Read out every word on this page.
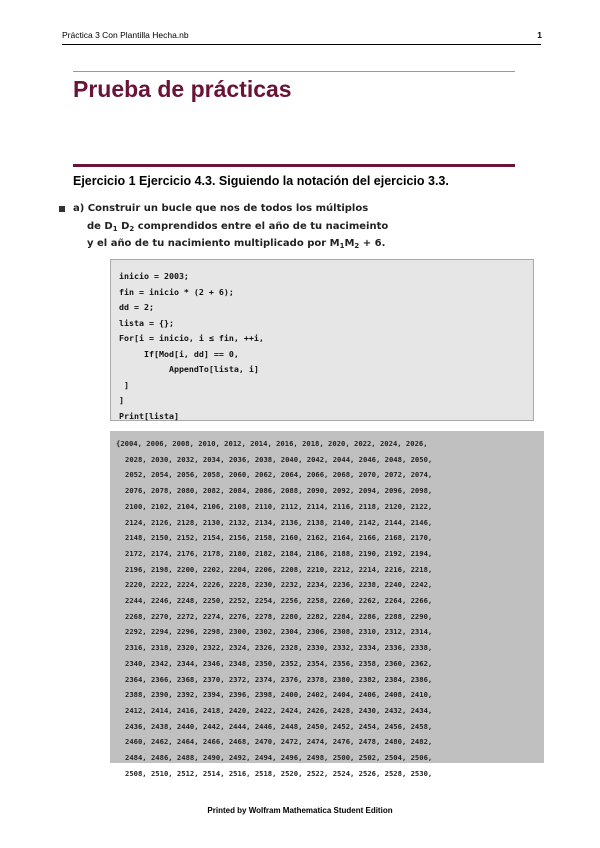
Práctica 3 Con Plantilla Hecha.nb	1
Prueba de prácticas
Ejercicio 1 Ejercicio 4.3. Siguiendo la notación del ejercicio 3.3.
a) Construir un bucle que nos de todos los múltiplos
de $D_1$ $D_2$ comprendidos entre el año de tu nacimeinto
y el año de tu nacimiento multiplicado por $M_1M_2 + 6$.
inicio = 2003;
fin = inicio * (2 + 6);
dd = 2;
lista = {};
For[i = inicio, i ≤ fin, ++i,
If[Mod[i, dd] == 0,
AppendTo[lista, i]
]
]
Print[lista]
{2004, 2006, 2008, 2010, 2012, 2014, 2016, 2018, 2020, 2022, 2024, 2026,
2028, 2030, 2032, 2034, 2036, 2038, 2040, 2042, 2044, 2046, 2048, 2050,
2052, 2054, 2056, 2058, 2060, 2062, 2064, 2066, 2068, 2070, 2072, 2074,
2076, 2078, 2080, 2082, 2084, 2086, 2088, 2090, 2092, 2094, 2096, 2098,
2100, 2102, 2104, 2106, 2108, 2110, 2112, 2114, 2116, 2118, 2120, 2122,
2124, 2126, 2128, 2130, 2132, 2134, 2136, 2138, 2140, 2142, 2144, 2146,
2148, 2150, 2152, 2154, 2156, 2158, 2160, 2162, 2164, 2166, 2168, 2170,
2172, 2174, 2176, 2178, 2180, 2182, 2184, 2186, 2188, 2190, 2192, 2194,
2196, 2198, 2200, 2202, 2204, 2206, 2208, 2210, 2212, 2214, 2216, 2218,
2220, 2222, 2224, 2226, 2228, 2230, 2232, 2234, 2236, 2238, 2240, 2242,
2244, 2246, 2248, 2250, 2252, 2254, 2256, 2258, 2260, 2262, 2264, 2266,
2268, 2270, 2272, 2274, 2276, 2278, 2280, 2282, 2284, 2286, 2288, 2290,
2292, 2294, 2296, 2298, 2300, 2302, 2304, 2306, 2308, 2310, 2312, 2314,
2316, 2318, 2320, 2322, 2324, 2326, 2328, 2330, 2332, 2334, 2336, 2338,
2340, 2342, 2344, 2346, 2348, 2350, 2352, 2354, 2356, 2358, 2360, 2362,
2364, 2366, 2368, 2370, 2372, 2374, 2376, 2378, 2380, 2382, 2384, 2386,
2388, 2390, 2392, 2394, 2396, 2398, 2400, 2402, 2404, 2406, 2408, 2410,
2412, 2414, 2416, 2418, 2420, 2422, 2424, 2426, 2428, 2430, 2432, 2434,
2436, 2438, 2440, 2442, 2444, 2446, 2448, 2450, 2452, 2454, 2456, 2458,
2460, 2462, 2464, 2466, 2468, 2470, 2472, 2474, 2476, 2478, 2480, 2482,
2484, 2486, 2488, 2490, 2492, 2494, 2496, 2498, 2500, 2502, 2504, 2506,
2508, 2510, 2512, 2514, 2516, 2518, 2520, 2522, 2524, 2526, 2528, 2530,
Printed by Wolfram Mathematica Student Edition
